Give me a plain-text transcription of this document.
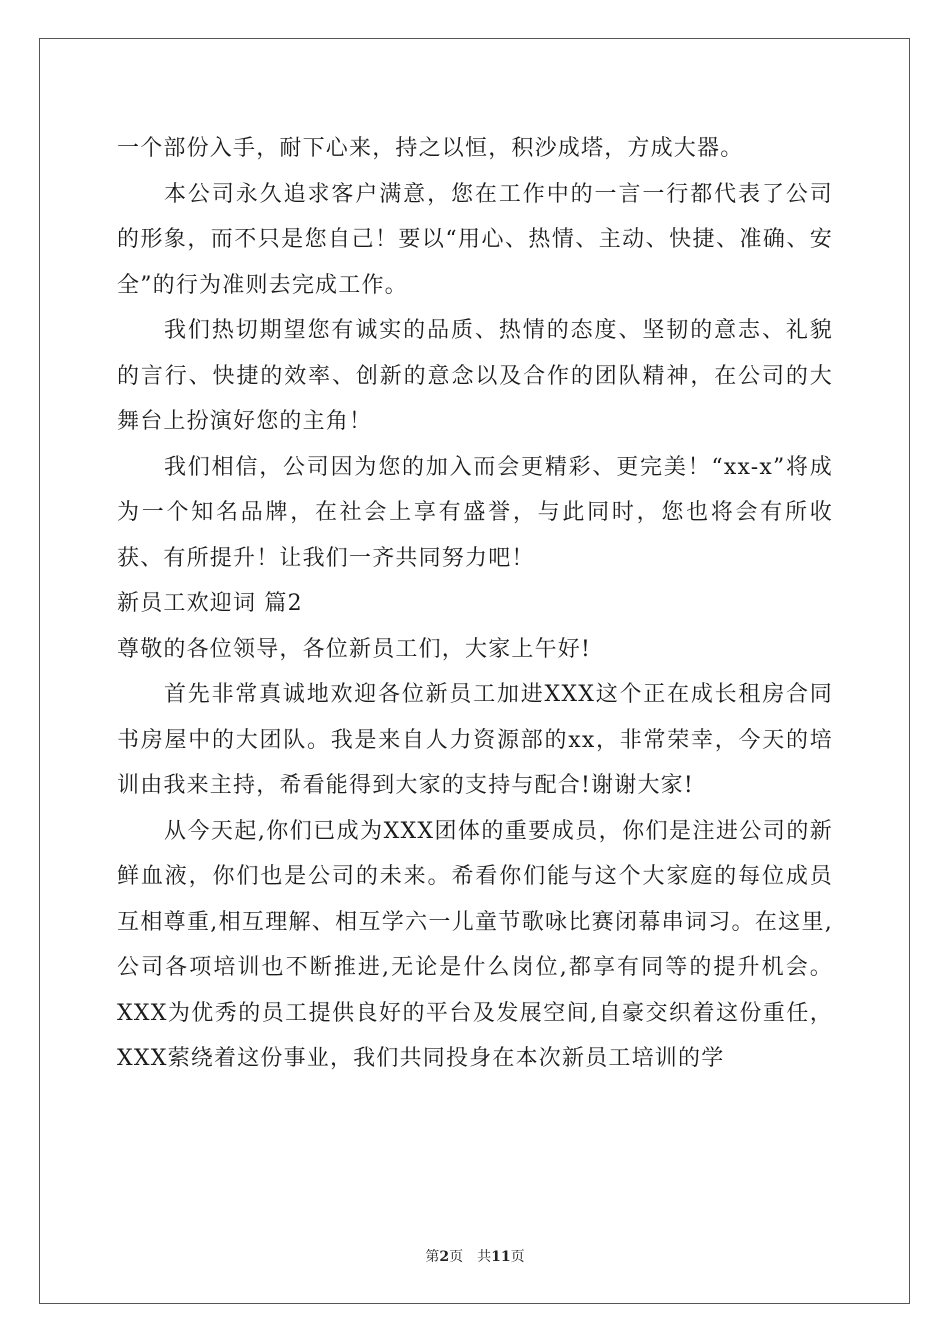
一个部份入手，耐下心来，持之以恒，积沙成塔，方成大器。

本公司永久追求客户满意，您在工作中的一言一行都代表了公司的形象，而不只是您自己！要以“用心、热情、主动、快捷、准确、安全”的行为准则去完成工作。

我们热切期望您有诚实的品质、热情的态度、坚韧的意志、礼貌的言行、快捷的效率、创新的意念以及合作的团队精神，在公司的大舞台上扮演好您的主角！

我们相信，公司因为您的加入而会更精彩、更完美！“xx-x”将成为一个知名品牌，在社会上享有盛誉，与此同时，您也将会有所收获、有所提升！让我们一齐共同努力吧！

新员工欢迎词 篇2

尊敬的各位领导，各位新员工们，大家上午好!

首先非常真诚地欢迎各位新员工加进XXX这个正在成长租房合同书房屋中的大团队。我是来自人力资源部的xx，非常荣幸，今天的培训由我来主持，希看能得到大家的支持与配合!谢谢大家!

从今天起,你们已成为XXX团体的重要成员，你们是注进公司的新鲜血液，你们也是公司的未来。希看你们能与这个大家庭的每位成员互相尊重,相互理解、相互学六一儿童节歌咏比赛闭幕串词习。在这里,公司各项培训也不断推进,无论是什么岗位,都享有同等的提升机会。XXX为优秀的员工提供良好的平台及发展空间,自豪交织着这份重任，XXX萦绕着这份事业，我们共同投身在本次新员工培训的学

第2页　共11页
